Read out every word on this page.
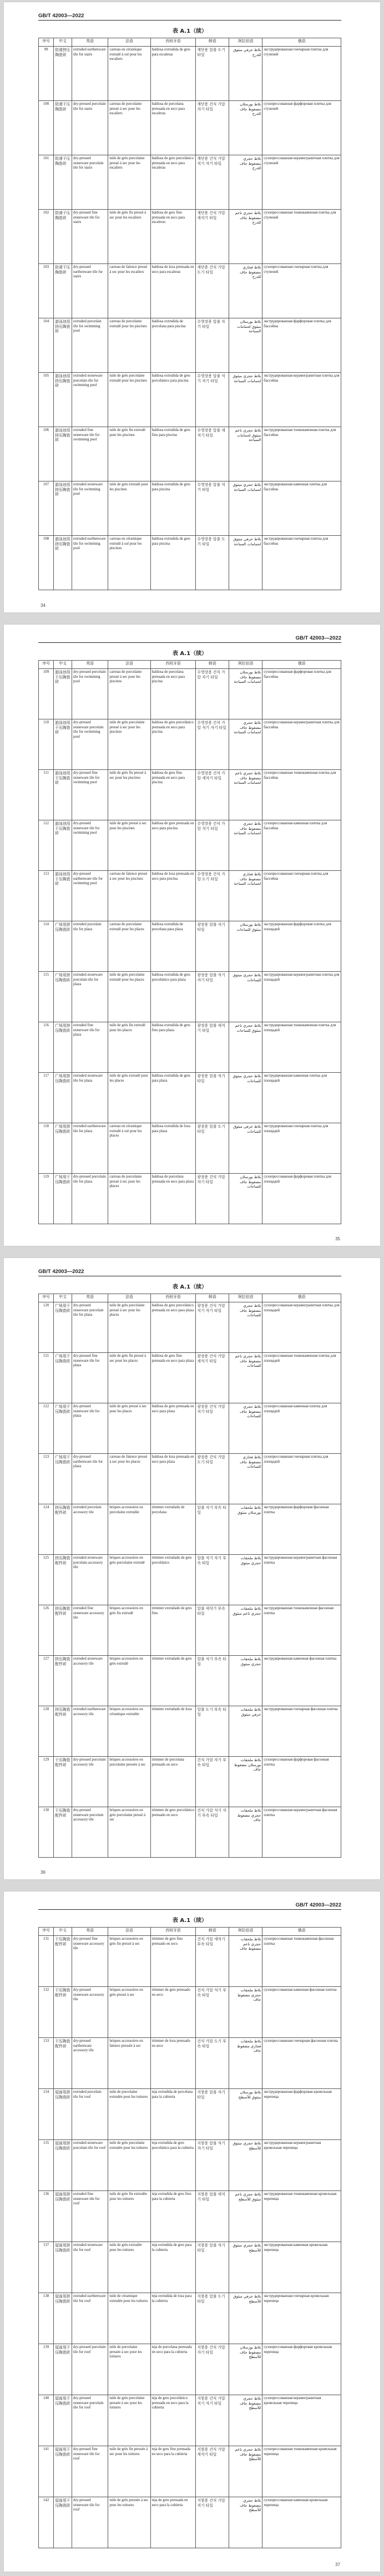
GB/T 42003—2022
表 A.1（续）
序号	中文	英语	法语	西班牙语	韩语	阿拉伯语	俄语
99	防滑挤压陶瓷砖	extruded earthenware tile for stairs	carreau en céramique extrudé à sol pour les escaliers	baldosa extrudida de gres para escaleras	계단용 압출 도기 타일	بلاط خزفي مبثوق للدرج	экструдированная гончарная плитка для ступеней
100	防滑干压陶瓷砖	dry-pressed porcelain tile for stairs	carreau de porcelaine pressé à sec pour les escaliers	baldosa de porcelana prensada en seco para escaleras	계단용 건식 가압 자기 타일	بلاط بورسلان مضغوط جاف للدرج	сухопрессованная фарфоровая плитка для ступеней
101	防滑干压陶瓷砖	dry-pressed stoneware porcelain tile for stairs	tuile de grès porcelaine pressé à sec pour les escaliers	baldosa de gres porcelánico prensada en seco para escaleras	계단용 건식 가압 석기 자기 타일	بلاط حجري مضغوط جاف للدرج	сухопрессованная керамогранитная плитка для ступеней
102	防滑干压陶瓷砖	dry-pressed fine stoneware tile for stairs	tuile de grès fin pressé à sec pour les escaliers	baldosa de gres fino prensada en seco para escaleras	계단용 건식 가압 세석기 타일	بلاط حجري ناعم مضغوط جاف للدرج	сухопрессованная тонкокаменная плитка для ступеней
103	防滑干压陶瓷砖	dry-pressed earthenware tile for stairs	carreau de faïence pressé à sec pour les escaliers	baldosa de loza prensada en seco para escaleras	계단용 건식 가압 도기 타일	بلاط فخاري مضغوط جاف للدرج	сухопрессованная гончарная плитка для ступеней
104	游泳池用挤压陶瓷砖	extruded porcelain tile for swimming pool	carreau de porcelaine extrudé pour les piscines	baldosa extrudida de porcelana para piscina	수영장용 압출 자기 타일	بلاط بورسلان مبثوق لحمامات السباحة	экструдированная фарфоровая плитка для бассейна
105	游泳池用挤压陶瓷砖	extruded stoneware porcelain tile for swimming pool	tuile de grès porcelaine extrudé pour les piscines	baldosa extrudida de gres porcelánico para piscina	수영장용 압출 석기 자기 타일	بلاط حجري مبثوق لحمامات السباحة	экструдированная керамогранитная плитка для бассейна
106	游泳池用挤压陶瓷砖	extruded fine stoneware tile for swimming pool	tuile de grès fin extrudé pour les piscines	baldosa extrudida de gres fino para piscina	수영장용 압출 세석기 타일	بلاط حجري ناعم مبثوق لحمامات السباحة	экструдированная тонкокаменная плитка для бассейна
107	游泳池用挤压陶瓷砖	extruded stoneware tile for swimming pool	tuile de grès extrudé pour les piscines	baldosa extrudida de gres para piscina	수영장용 압출 석기 타일	بلاط حجري مبثوق لحمامات السباحة	экструдированная каменная плитка для бассейна
108	游泳池用挤压陶瓷砖	extruded earthenware tile for swimming pool	carreau en céramique extrudé à sol pour les piscines	baldosa extrudida de gres para piscina	수영장용 압출 도기 타일	بلاط خزفي مبثوق لحمامات السباحة	экструдированная гончарная плитка для бассейна
34
GB/T 42003—2022
表 A.1（续）
序号	中文	英语	法语	西班牙语	韩语	阿拉伯语	俄语
109	游泳池用干压陶瓷砖	dry-pressed porcelain tile for swimming pool	carreau de porcelaine pressé à sec pour les piscines	baldosa de porcelana prensada en seco para piscina	수영장용 건식 가압 자기 타일	بلاط بورسلان مضغوط جاف لحمامات السباحة	сухопрессованная фарфоровая плитка для бассейна
110	游泳池用干压陶瓷砖	dry-pressed stoneware porcelain tile for swimming pool	tuile de grès porcelaine pressé à sec pour les piscines	baldosa de gres porcelánico prensada en seco para piscina	수영장용 건식 가압 석기 자기 타일	بلاط حجري مضغوط جاف لحمامات السباحة	сухопрессованная керамогранитная плитка для бассейна
111	游泳池用干压陶瓷砖	dry-pressed fine stoneware tile for swimming pool	tuile de grès fin pressé à sec pour les piscines	baldosa de gres fino prensada en seco para piscina	수영장용 건식 가압 세석기 타일	بلاط حجري ناعم مضغوط جاف لحمامات السباحة	сухопрессованная тонкокаменная плитка для бассейна
112	游泳池用干压陶瓷砖	dry-pressed stoneware tile for swimming pool	tuile de grès pressé à sec pour les piscines	baldosa de gres prensada en seco para piscina	수영장용 건식 가압 석기 타일	بلاط حجري مضغوط جاف لحمامات السباحة	сухопрессованная каменная плитка для бассейна
113	游泳池用干压陶瓷砖	dry-pressed earthenware tile for swimming pool	carreau de faïence pressé à sec pour les piscines	baldosa de loza prensada en seco para piscina	수영장용 건식 가압 도기 타일	بلاط فخاري مضغوط جاف لحمامات السباحة	сухопрессованная гончарная плитка для бассейна
114	广场用挤压陶瓷砖	extruded porcelain tile for plaza	carreau de porcelaine extrudé pour les places	baldosa extrudida de porcelana para plaza	광장용 압출 자기 타일	بلاط بورسلان مبثوق للساحات	экструдированная фарфоровая плитка для площадей
115	广场用挤压陶瓷砖	extruded stoneware porcelain tile for plaza	tuile de grès porcelaine extrudé pour les places	baldosa extrudida de gres porcelánico para plaza	광장용 압출 석기 자기 타일	بلاط حجري مبثوق للساحات	экструдированная керамогранитная плитка для площадей
116	广场用挤压陶瓷砖	extruded fine stoneware tile for plaza	tuile de grès fin extrudé pour les places	baldosa extrudida de gres fino para plaza	광장용 압출 세석기 타일	بلاط حجري ناعم مبثوق للساحات	экструдированная тонкокаменная плитка для площадей
117	广场用挤压陶瓷砖	extruded stoneware tile for plaza	tuile de grès extrudé pour les places	baldosa extrudida de gres para plaza	광장용 압출 석기 타일	بلاط حجري مبثوق للساحات	экструдированная каменная плитка для площадей
118	广场用挤压陶瓷砖	extruded earthenware tile for plaza	carreau en céramique extrudé à sol pour les places	baldosa extrudida de loza para plaza	광장용 압출 도기 타일	بلاط خزفي مبثوق للساحات	экструдированная гончарная плитка для площадей
119	广场用干压陶瓷砖	dry-pressed porcelain tile for plaza	carreau de porcelaine pressé à sec pour les places	baldosa de porcelana prensada en seco para plaza	광장용 건식 가압 자기 타일	بلاط بورسلان مضغوط جاف للساحات	сухопрессованная фарфоровая плитка для площадей
35
GB/T 42003—2022
表 A.1（续）
序号	中文	英语	法语	西班牙语	韩语	阿拉伯语	俄语
120	广场用干压陶瓷砖	dry-pressed stoneware porcelain tile for plaza	tuile de grès porcelaine pressé à sec pour les places	baldosa de gres porcelánico prensada en seco para plaza	광장용 건식 가압 석기 자기 타일	بلاط حجري مضغوط جاف للساحات	сухопрессованная керамогранитная плитка для площадей
121	广场用干压陶瓷砖	dry-pressed fine stoneware tile for plaza	tuile de grès fin pressé à sec pour les places	baldosa de gres fino prensada en seco para plaza	광장용 건식 가압 세석기 타일	بلاط حجري ناعم مضغوط جاف للساحات	сухопрессованная тонкокаменная плитка для площадей
122	广场用干压陶瓷砖	dry-pressed stoneware tile for plaza	tuile de grès pressé à sec pour les places	baldosa de gres prensada en seco para plaza	광장용 건식 가압 석기 타일	بلاط حجري مضغوط جاف للساحات	сухопрессованная каменная плитка для площадей
123	广场用干压陶瓷砖	dry-pressed earthenware tile for plaza	carreau de faïence pressé à sec pour les places	baldosa de loza prensada en seco para plaza	광장용 건식 가압 도기 타일	بلاط فخاري مضغوط جاف للساحات	сухопрессованная гончарная плитка для площадей
124	挤压陶瓷配件砖	extruded porcelain accessory tile	briques accessoires en porcelaine extrudée	trimmer extrudado de porcelana	압출 자기 부속 타일	بلاط ملحقات بورسلان مبثوق	экструдированная фарфоровая фасонная плитка
125	挤压陶瓷配件砖	extruded stoneware porcelain accessory tile	briques accessoires en grès porcelaine extrudé	trimmer extrudado de gres porcelánico	압출 석기 자기 부속 타일	بلاط ملحقات حجري مبثوق	экструдированная керамогранитная фасонная плитка
126	挤压陶瓷配件砖	extruded fine stoneware accessory tile	briques accessoires en grès fin extrudé	trimmer extrudado de gres fino	압출 세석기 부속 타일	بلاط ملحقات حجري ناعم مبثوق	экструдированная тонкокаменная фасонная плитка
127	挤压陶瓷配件砖	extruded stoneware accessory tile	briques accessoires en grès extrudé	trimmer extrudado de gres	압출 석기 부속 타일	بلاط ملحقات حجري مبثوق	экструдированная каменная фасонная плитка
128	挤压陶瓷配件砖	extruded earthenware accessory tile	briques accessoires en céramique extrudée	trimmer extrudado de loza	압출 도기 부속 타일	بلاط ملحقات خزفي مبثوق	экструдированная гончарная фасонная плитка
129	干压陶瓷配件砖	dry-pressed porcelain accessory tile	briques accessoires en porcelaine pressée à sec	trimmer de porcelana prensado en seco	건식 가압 자기 부속 타일	بلاط ملحقات بورسلان مضغوط جاف	сухопрессованная фарфоровая фасонная плитка
130	干压陶瓷配件砖	dry-pressed stoneware porcelain accessory tile	briques accessoires en grès porcelaine pressé à sec	trimmer de gres porcelánico prensado en seco	건식 가압 석기 자기 부속 타일	بلاط ملحقات حجري مضغوط جاف	сухопрессованная керамогранитная фасонная плитка
36
GB/T 42003—2022
表 A.1（续）
序号	中文	英语	法语	西班牙语	韩语	阿拉伯语	俄语
131	干压陶瓷配件砖	dry-pressed fine stoneware accessory tile	briques accessoires en grès fin pressé à sec	trimmer de gres fino prensado en seco	건식 가압 세석기 부속 타일	بلاط ملحقات حجري ناعم مضغوط جاف	сухопрессованная тонкокаменная фасонная плитка
132	干压陶瓷配件砖	dry-pressed stoneware accessory tile	briques accessoires en grès pressé à sec	trimmer de gres prensado en seco	건식 가압 석기 부속 타일	بلاط ملحقات حجري مضغوط جاف	сухопрессованная каменная фасонная плитка
133	干压陶瓷配件砖	dry-pressed earthenware accessory tile	briques accessoires en faïence pressée à sec	trimmer de loza prensado en seco	건식 가압 도기 부속 타일	بلاط ملحقات فخاري مضغوط جاف	сухопрессованная гончарная фасонная плитка
134	屋面用挤压陶瓷砖	extruded porcelain tile for roof	tuile de porcelaine extrudée pour les toitures	teja extrudida de porcelana para la cubierta	지붕용 압출 자기 타일	بلاط بورسلان مبثوق للأسطح	экструдированная фарфоровая кровельная черепица
135	屋面用挤压陶瓷砖	extruded stoneware porcelain tile for roof	tuile de grès porcelaine extrudée pour les toitures	teja extrudida de gres porcelánico para la cubierta	지붕용 압출 석기 자기 타일	بلاط حجري مبثوق للأسطح	экструдированная керамогранитная кровельная черепица
136	屋面用挤压陶瓷砖	extruded fine stoneware tile for roof	tuile de grès fin extrudée pour les toitures	teja extrudida de gres fino para la cubierta	지붕용 압출 세석기 타일	بلاط حجري ناعم مبثوق للأسطح	экструдированная тонкокаменная кровельная черепица
137	屋面用挤压陶瓷砖	extruded stoneware tile for roof	tuile de grès extrudée pour les toitures	teja extrudida de gres para la cubierta	지붕용 압출 석기 타일	بلاط حجري مبثوق للأسطح	экструдированная каменная кровельная черепица
138	屋面用挤压陶瓷砖	extruded earthenware tile for roof	tuile de céramique extrudée pour les toitures	teja extrudida de loza para la cubierta	지붕용 압출 도기 타일	بلاط خزفي مبثوق للأسطح	экструдированная гончарная кровельная черепица
139	屋面用干压陶瓷砖	dry-pressed porcelain tile for roof	tuile de porcelaine pressée à sec pour les toitures	teja de porcelana prensada en seco para la cubierta	지붕용 건식 가압 자기 타일	بلاط بورسلان مضغوط جاف للأسطح	сухопрессованная фарфоровая кровельная черепица
140	屋面用干压陶瓷砖	dry-pressed stoneware porcelain tile for roof	tuile de grès porcelaine pressée à sec pour les toitures	teja de gres porcelánico prensada en seco para la cubierta	지붕용 건식 가압 석기 자기 타일	بلاط حجري مضغوط جاف للأسطح	сухопрессованная керамогранитная кровельная черепица
141	屋面用干压陶瓷砖	dry-pressed fine stoneware tile for roof	tuile de grès fin pressée à sec pour les toitures	teja de gres fino prensada en seco para la cubierta	지붕용 건식 가압 세석기 타일	بلاط حجري ناعم مضغوط جاف للأسطح	сухопрессованная тонкокаменная кровельная черепица
142	屋面用干压陶瓷砖	dry-pressed stoneware tile for roof	tuile de grès pressée à sec pour les toitures	teja de gres prensada en seco para la cubierta	지붕용 건식 가압 석기 타일	بلاط حجري مضغوط جاف للأسطح	сухопрессованная каменная кровельная черепица
37
